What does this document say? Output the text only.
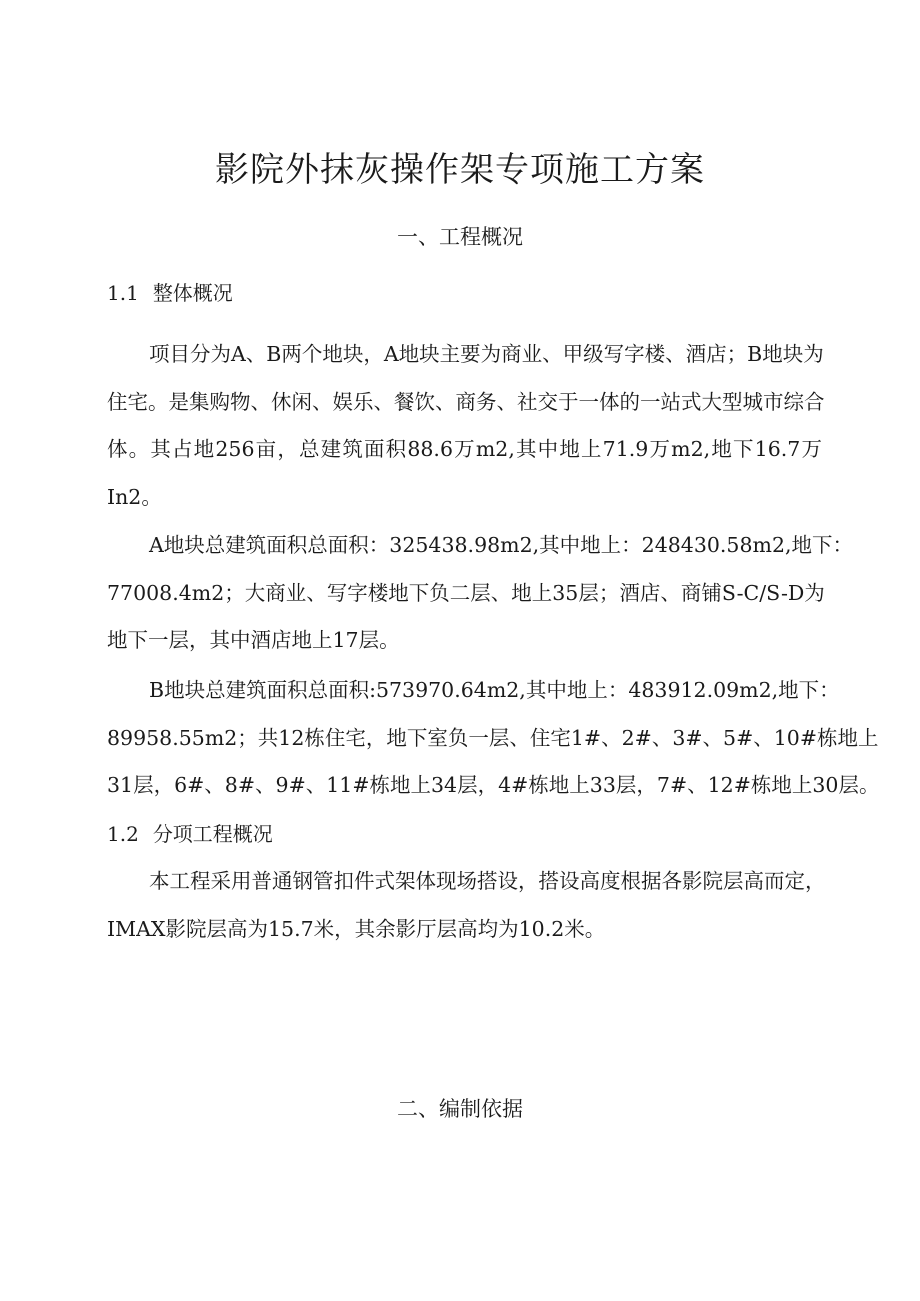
影院外抹灰操作架专项施工方案
一、工程概况
1.1 整体概况
项目分为A、B两个地块，A地块主要为商业、甲级写字楼、酒店；B地块为
住宅。是集购物、休闲、娱乐、餐饮、商务、社交于一体的一站式大型城市综合
体。其占地256亩，总建筑面积88.6万m2,其中地上71.9万m2,地下16.7万
In2。
A地块总建筑面积总面积：325438.98m2,其中地上：248430.58m2,地下：
77008.4m2；大商业、写字楼地下负二层、地上35层；酒店、商铺S-C/S-D为
地下一层，其中酒店地上17层。
B地块总建筑面积总面积:573970.64m2,其中地上：483912.09m2,地下：
89958.55m2；共12栋住宅，地下室负一层、住宅1#、2#、3#、5#、10#栋地上
31层，6#、8#、9#、11#栋地上34层，4#栋地上33层，7#、12#栋地上30层。
1.2 分项工程概况
本工程采用普通钢管扣件式架体现场搭设，搭设高度根据各影院层高而定，
IMAX影院层高为15.7米，其余影厅层高均为10.2米。
二、编制依据
